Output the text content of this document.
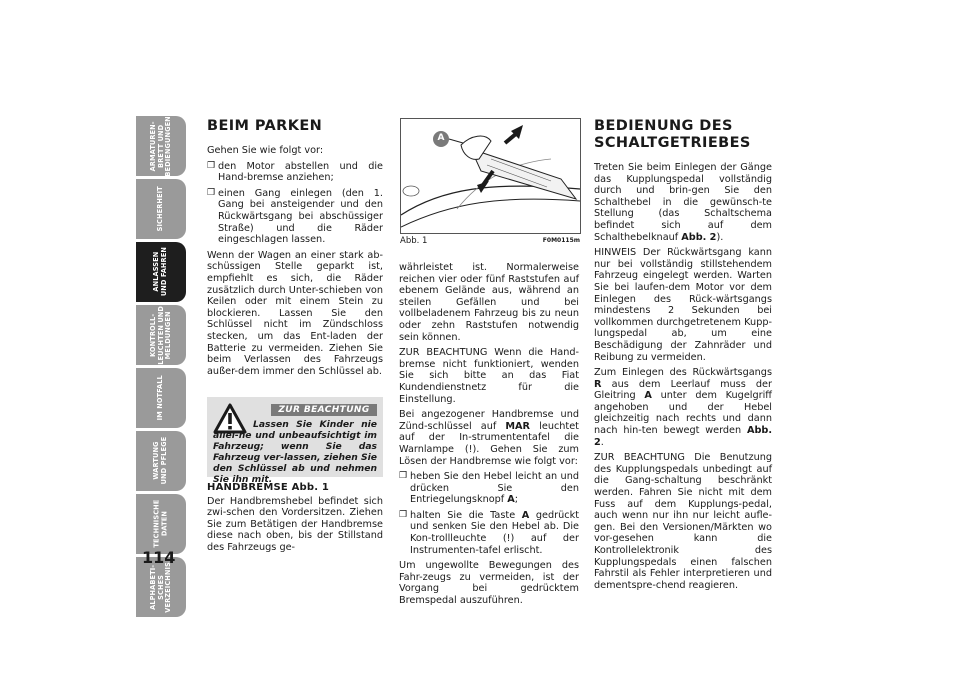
ARMATUREN-
BRETT UND
BEDIENGUNGEN
SICHERHEIT
ANLASSEN
UND FAHREN
KONTROLL-
LEUCHTEN UND
MELDUNGEN
IM NOTFALL
WARTUNG
UND PFLEGE
TECHNISCHE
DATEN
ALPHABETI-
SCHES
VERZEICHNIS
114
BEIM PARKEN

Gehen Sie wie folgt vor:

❒ den Motor abstellen und die Hand-bremse anziehen;
❒ einen Gang einlegen (den 1. Gang bei ansteigender und den Rückwärtsgang bei abschüssiger Straße) und die Räder eingeschlagen lassen.

Wenn der Wagen an einer stark ab-schüssigen Stelle geparkt ist, empfiehlt es sich, die Räder zusätzlich durch Unter-schieben von Keilen oder mit einem Stein zu blockieren. Lassen Sie den Schlüssel nicht im Zündschloss stecken, um das Ent-laden der Batterie zu vermeiden. Ziehen Sie beim Verlassen des Fahrzeugs außer-dem immer den Schlüssel ab.

ZUR BEACHTUNG
Lassen Sie Kinder nie allei-ne und unbeaufsichtigt im Fahrzeug; wenn Sie das Fahrzeug ver-lassen, ziehen Sie den Schlüssel ab und nehmen Sie ihn mit.
HANDBREMSE Abb. 1

Der Handbremshebel befindet sich zwi-schen den Vordersitzen. Ziehen Sie zum Betätigen der Handbremse diese nach oben, bis der Stillstand des Fahrzeugs ge-

A
Abb. 1	F0M0115m

währleistet ist. Normalerweise reichen vier oder fünf Raststufen auf ebenem Gelände aus, während an steilen Gefällen und bei vollbeladenem Fahrzeug bis zu neun oder zehn Raststufen notwendig sein können.

ZUR BEACHTUNG Wenn die Hand-bremse nicht funktioniert, wenden Sie sich bitte an das Fiat Kundendienstnetz für die Einstellung.

Bei angezogener Handbremse und Zünd-schlüssel auf MAR leuchtet auf der In-strumententafel die Warnlampe (!). Gehen Sie zum Lösen der Handbremse wie folgt vor:

❒ heben Sie den Hebel leicht an und drücken Sie den Entriegelungsknopf A;
❒ halten Sie die Taste A gedrückt und senken Sie den Hebel ab. Die Kon-trollleuchte (!) auf der Instrumenten-tafel erlischt.

Um ungewollte Bewegungen des Fahr-zeugs zu vermeiden, ist der Vorgang bei gedrücktem Bremspedal auszuführen.

BEDIENUNG DES SCHALTGETRIEBES

Treten Sie beim Einlegen der Gänge das Kupplungspedal vollständig durch und brin-gen Sie den Schalthebel in die gewünsch-te Stellung (das Schaltschema befindet sich auf dem Schalthebelknauf Abb. 2).

HINWEIS Der Rückwärtsgang kann nur bei vollständig stillstehendem Fahrzeug eingelegt werden. Warten Sie bei laufen-dem Motor vor dem Einlegen des Rück-wärtsgangs mindestens 2 Sekunden bei vollkommen durchgetretenem Kupp-lungspedal ab, um eine Beschädigung der Zahnräder und Reibung zu vermeiden.

Zum Einlegen des Rückwärtsgangs R aus dem Leerlauf muss der Gleitring A unter dem Kugelgriff angehoben und der Hebel gleichzeitig nach rechts und dann nach hin-ten bewegt werden Abb. 2.

ZUR BEACHTUNG Die Benutzung des Kupplungspedals unbedingt auf die Gang-schaltung beschränkt werden. Fahren Sie nicht mit dem Fuss auf dem Kupplungs-pedal, auch wenn nur ihn nur leicht aufle-gen. Bei den Versionen/Märkten wo vor-gesehen kann die Kontrollelektronik des Kupplungspedals einen falschen Fahrstil als Fehler interpretieren und dementspre-chend reagieren.
